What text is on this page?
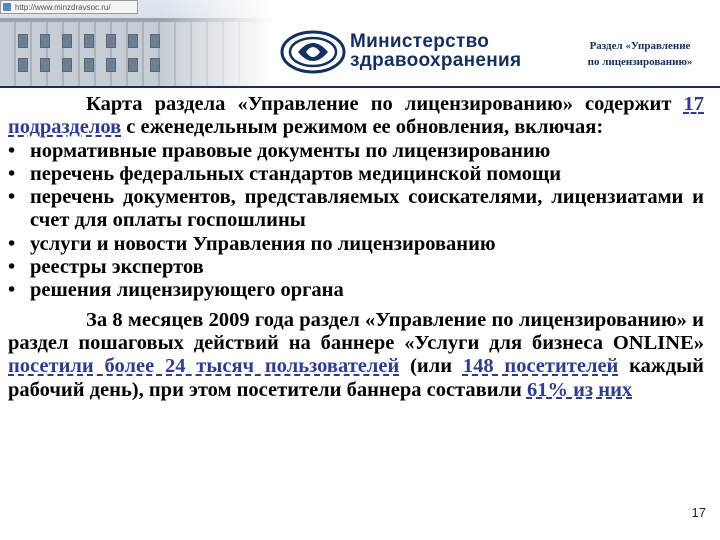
http://www.minzdravsoc.ru/
Министерство
здравоохранения
Раздел «Управление
по лицензированию»

Карта раздела «Управление по лицензированию» содержит 17 подразделов с еженедельным режимом ее обновления, включая:

• нормативные правовые документы по лицензированию
• перечень федеральных стандартов медицинской помощи
• перечень документов, представляемых соискателями, лицензиатами и счет для оплаты госпошлины
• услуги и новости Управления по лицензированию
• реестры экспертов
• решения лицензирующего органа

За 8 месяцев 2009 года раздел «Управление по лицензированию» и раздел пошаговых действий на баннере «Услуги для бизнеса ONLINE» посетили более 24 тысяч пользователей (или 148 посетителей каждый рабочий день), при этом посетители баннера составили 61% из них

17
